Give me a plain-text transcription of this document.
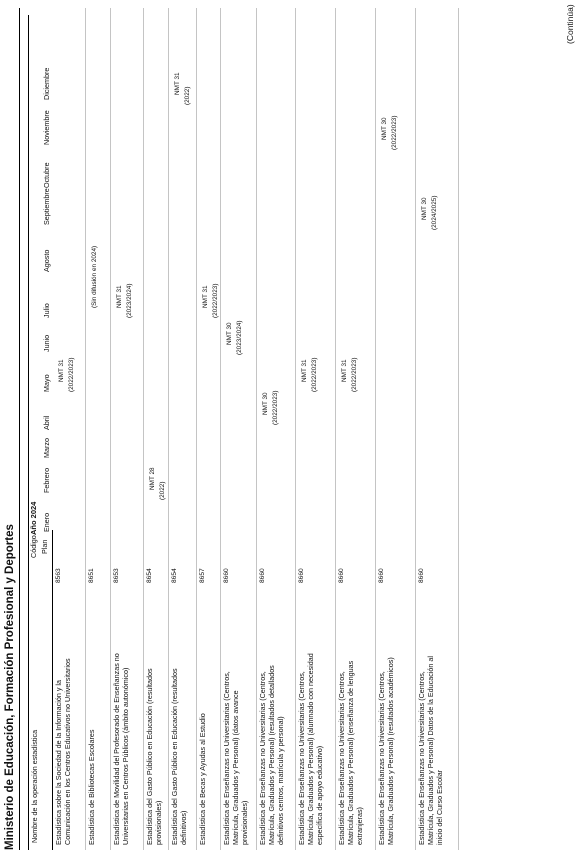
Ministerio de Educación, Formación Profesional y Deportes
(Continúa)
Nombre de la operación estadística
Código Plan
Año 2024 Enero
Febrero
Marzo
Abril
Mayo
Junio
Julio
Agosto
Septiembre
Octubre
Noviembre
Diciembre
Estadística sobre la Sociedad de la Información y la Comunicación en los Centros Educativos no Universitarios
8563
NMT 31 (2022/2023)
Estadística de Bibliotecas Escolares
8651
(Sin difusión en 2024)
Estadística de Movilidad del Profesorado de Enseñanzas no Universitarias en Centros Públicos (ámbito autonómico)
8653
NMT 31 (2023/2024)
Estadística del Gasto Público en Educación (resultados provisionales)
8654
NMT 28
(2022)
Estadística del Gasto Público en Educación (resultados definitivos)
8654
NMT 31
(2022)
Estadística de Becas y Ayudas al Estudio
8657
NMT 31 (2022/2023)
Estadística de Enseñanzas no Universitarias (Centros, Matrícula, Graduados y Personal) (datos avance provisionales)
8660
NMT 30 (2023/2024)
Estadística de Enseñanzas no Universitarias (Centros, Matrícula, Graduados y Personal) (resultados detallados definitivos centros, matrícula y personal)
8660
NMT 30 (2022/2023)
Estadística de Enseñanzas no Universitarias (Centros, Matrícula, Graduados y Personal) (alumnado con necesidad específica de apoyo educativo)
8660
NMT 31 (2022/2023)
Estadística de Enseñanzas no Universitarias (Centros, Matrícula, Graduados y Personal) (enseñanza de lenguas extranjeras)
8660
NMT 31 (2022/2023)
Estadística de Enseñanzas no Universitarias (Centros, Matrícula, Graduados y Personal) (resultados académicos)
8660
NMT 30 (2022/2023)
Estadística de Enseñanzas no Universitarias (Centros, Matrícula, Graduados y Personal) Datos de la Educación al inicio del Curso Escolar
8660
NMT 30 (2024/2025)
